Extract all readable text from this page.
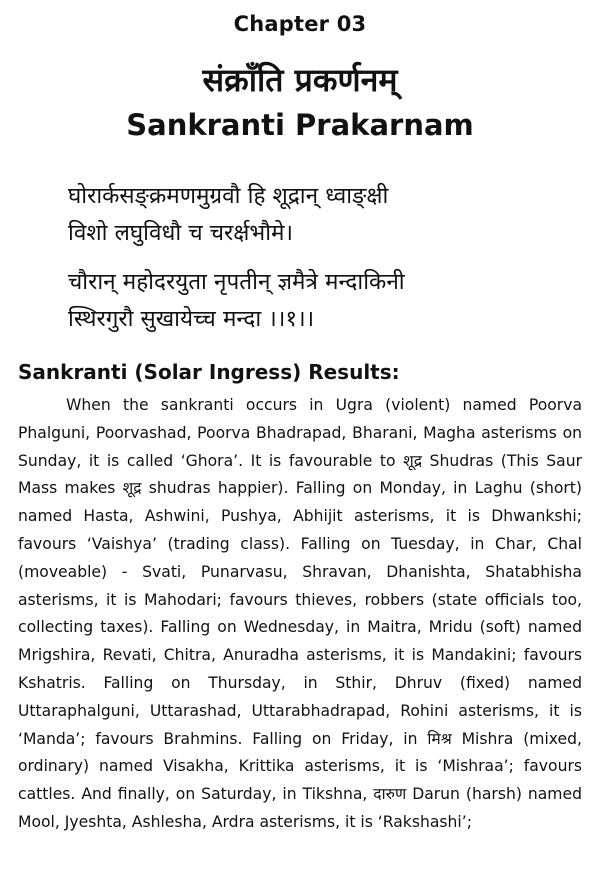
Chapter 03
संक्राँति प्रकर्णनम्
Sankranti Prakarnam
घोरार्कसङ्क्रमणमुग्रवौ हि शूद्रान् ध्वाङ्क्षी
विशो लघुविधौ च चरर्क्षभौमे।
चौरान् महोदरयुता नृपतीन् ज्ञमैत्रे मन्दाकिनी
स्थिरगुरौ सुखायेच्च मन्दा ।।१।।
Sankranti (Solar Ingress) Results:

When the sankranti occurs in Ugra (violent) named Poorva Phalguni, Poorvashad, Poorva Bhadrapad, Bharani, Magha asterisms on Sunday, it is called ‘Ghora’. It is favourable to शूद्र Shudras (This Saur Mass makes शूद्र shudras happier). Falling on Monday, in Laghu (short) named Hasta, Ashwini, Pushya, Abhijit asterisms, it is Dhwankshi; favours ‘Vaishya’ (trading class). Falling on Tuesday, in Char, Chal (moveable) - Svati, Punarvasu, Shravan, Dhanishta, Shatabhisha asterisms, it is Mahodari; favours thieves, robbers (state officials too, collecting taxes). Falling on Wednesday, in Maitra, Mridu (soft) named Mrigshira, Revati, Chitra, Anuradha asterisms, it is Mandakini; favours Kshatris. Falling on Thursday, in Sthir, Dhruv (fixed) named Uttaraphalguni, Uttarashad, Uttarabhadrapad, Rohini asterisms, it is ‘Manda’; favours Brahmins. Falling on Friday, in मिश्र Mishra (mixed, ordinary) named Visakha, Krittika asterisms, it is ‘Mishraa’; favours cattles. And finally, on Saturday, in Tikshna, दारुण Darun (harsh) named Mool, Jyeshta, Ashlesha, Ardra asterisms, it is ‘Rakshashi’;
